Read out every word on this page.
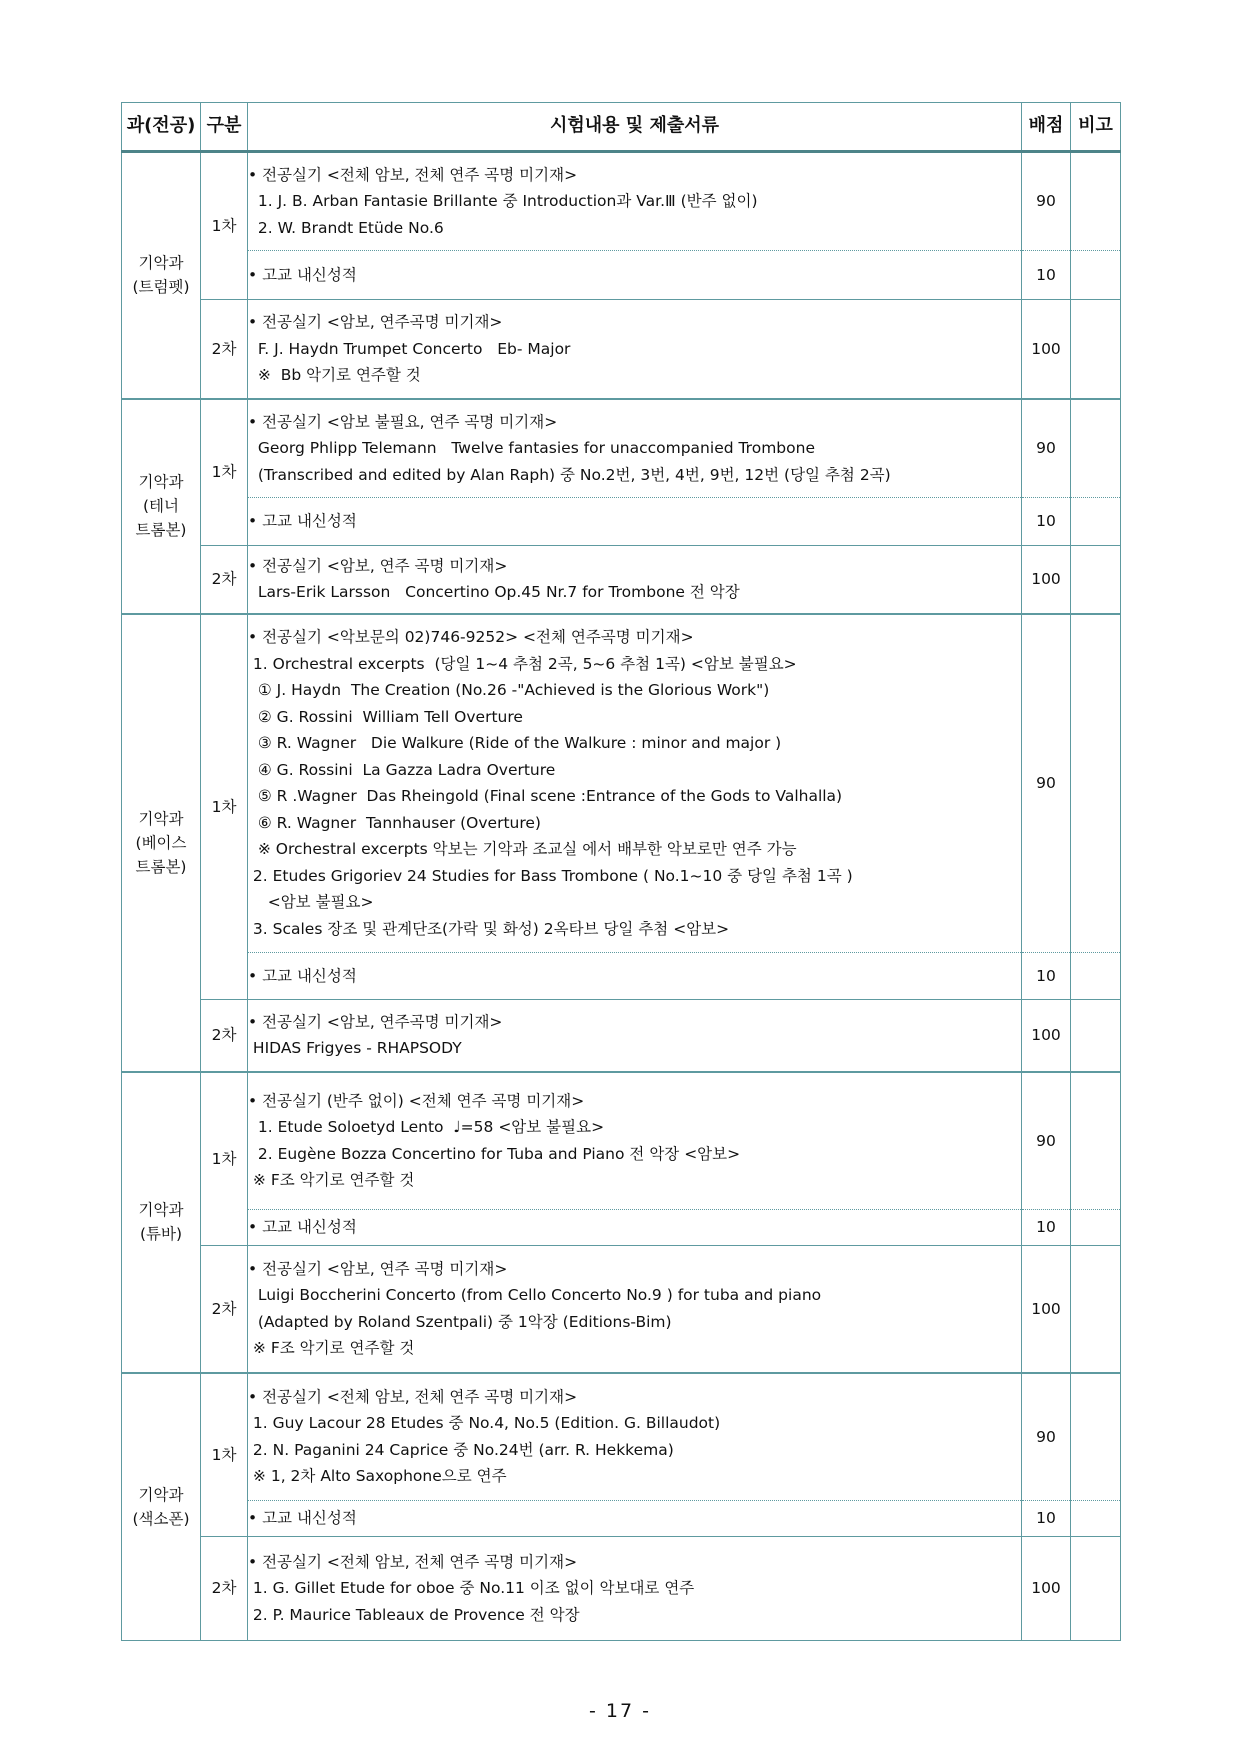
과(전공)	구분	시험내용 및 제출서류	배점	비고

기악과
(트럼펫)	1차	• 전공실기 <전체 암보, 전체 연주 곡명 미기재>
1. J. B. Arban Fantasie Brillante 중 Introduction과 Var.Ⅲ (반주 없이)
2. W. Brandt Etüde No.6	90	
		• 고교 내신성적	10	
	2차	• 전공실기 <암보, 연주곡명 미기재>
F. J. Haydn Trumpet Concerto   Eb- Major
※  Bb 악기로 연주할 것	100	

기악과
(테너
트롬본)	1차	• 전공실기 <암보 불필요, 연주 곡명 미기재>
Georg Phlipp Telemann   Twelve fantasies for unaccompanied Trombone
(Transcribed and edited by Alan Raph) 중 No.2번, 3번, 4번, 9번, 12번 (당일 추첨 2곡)	90	
		• 고교 내신성적	10	
	2차	• 전공실기 <암보, 연주 곡명 미기재>
Lars-Erik Larsson   Concertino Op.45 Nr.7 for Trombone 전 악장	100	

기악과
(베이스
트롬본)
	1차	
• 전공실기 <악보문의 02)746-9252> <전체 연주곡명 미기재>
1. Orchestral excerpts  (당일 1~4 추첨 2곡, 5~6 추첨 1곡) <암보 불필요>
① J. Haydn  The Creation (No.26 -"Achieved is the Glorious Work")
② G. Rossini  William Tell Overture
③ R. Wagner   Die Walkure (Ride of the Walkure : minor and major )
④ G. Rossini  La Gazza Ladra Overture
⑤ R .Wagner  Das Rheingold (Final scene :Entrance of the Gods to Valhalla)
⑥ R. Wagner  Tannhauser (Overture)
※ Orchestral excerpts 악보는 기악과 조교실 에서 배부한 악보로만 연주 가능
2. Etudes Grigoriev 24 Studies for Bass Trombone ( No.1~10 중 당일 추첨 1곡 )
<암보 불필요>
3. Scales 장조 및 관계단조(가락 및 화성) 2옥타브 당일 추첨 <암보>
	90	
		• 고교 내신성적	10	
	2차	• 전공실기 <암보, 연주곡명 미기재>
HIDAS Frigyes - RHAPSODY	100	

기악과
(튜바)	1차	• 전공실기 (반주 없이) <전체 연주 곡명 미기재>
1. Etude Soloetyd Lento  ♩=58 <암보 불필요>
2. Eugène Bozza Concertino for Tuba and Piano 전 악장 <암보>
※ F조 악기로 연주할 것	90	
		• 고교 내신성적	10	
	2차	• 전공실기 <암보, 연주 곡명 미기재>
Luigi Boccherini Concerto (from Cello Concerto No.9 ) for tuba and piano
(Adapted by Roland Szentpali) 중 1악장 (Editions-Bim)
※ F조 악기로 연주할 것	100	

기악과
(색소폰)	1차	• 전공실기 <전체 암보, 전체 연주 곡명 미기재>
1. Guy Lacour 28 Etudes 중 No.4, No.5 (Edition. G. Billaudot)
2. N. Paganini 24 Caprice 중 No.24번 (arr. R. Hekkema)
※ 1, 2차 Alto Saxophone으로 연주	90	
		• 고교 내신성적	10	
	2차	• 전공실기 <전체 암보, 전체 연주 곡명 미기재>
1. G. Gillet Etude for oboe 중 No.11 이조 없이 악보대로 연주
2. P. Maurice Tableaux de Provence 전 악장	100	
- 17 -
